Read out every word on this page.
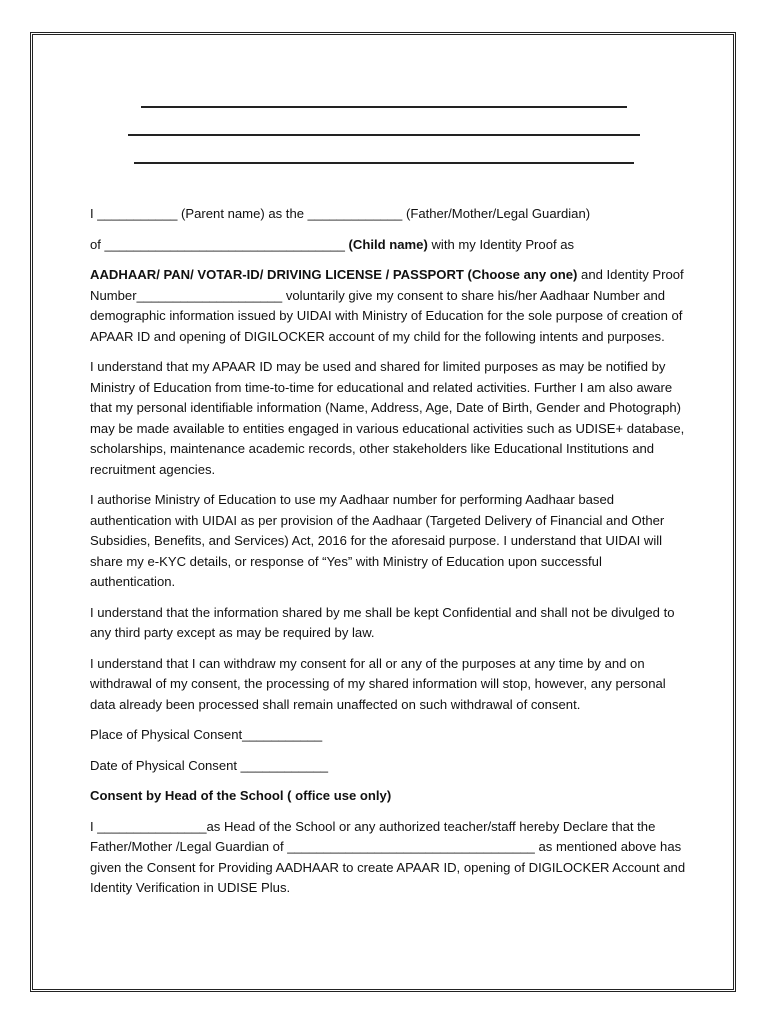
I ___________ (Parent name) as the _____________ (Father/Mother/Legal Guardian)

of _________________________________ (Child name) with my Identity Proof as

AADHAAR/ PAN/ VOTAR-ID/ DRIVING LICENSE / PASSPORT (Choose any one) and Identity Proof Number____________________ voluntarily give my consent to share his/her Aadhaar Number and demographic information issued by UIDAI with Ministry of Education for the sole purpose of creation of APAAR ID and opening of DIGILOCKER account of my child for the following intents and purposes.

I understand that my APAAR ID may be used and shared for limited purposes as may be notified by Ministry of Education from time-to-time for educational and related activities. Further I am also aware that my personal identifiable information (Name, Address, Age, Date of Birth, Gender and Photograph) may be made available to entities engaged in various educational activities such as UDISE+ database, scholarships, maintenance academic records, other stakeholders like Educational Institutions and recruitment agencies.

I authorise Ministry of Education to use my Aadhaar number for performing Aadhaar based authentication with UIDAI as per provision of the Aadhaar (Targeted Delivery of Financial and Other Subsidies, Benefits, and Services) Act, 2016 for the aforesaid purpose. I understand that UIDAI will share my e-KYC details, or response of “Yes” with Ministry of Education upon successful authentication.

I understand that the information shared by me shall be kept Confidential and shall not be divulged to any third party except as may be required by law.

I understand that I can withdraw my consent for all or any of the purposes at any time by and on withdrawal of my consent, the processing of my shared information will stop, however, any personal data already been processed shall remain unaffected on such withdrawal of consent.

Place of Physical Consent___________

Date of Physical Consent ____________

Consent by Head of the School ( office use only)

I _______________as Head of the School or any authorized teacher/staff hereby Declare that the Father/Mother /Legal Guardian of __________________________________ as mentioned above has given the Consent for Providing AADHAAR to create APAAR ID, opening of DIGILOCKER Account and Identity Verification in UDISE Plus.
